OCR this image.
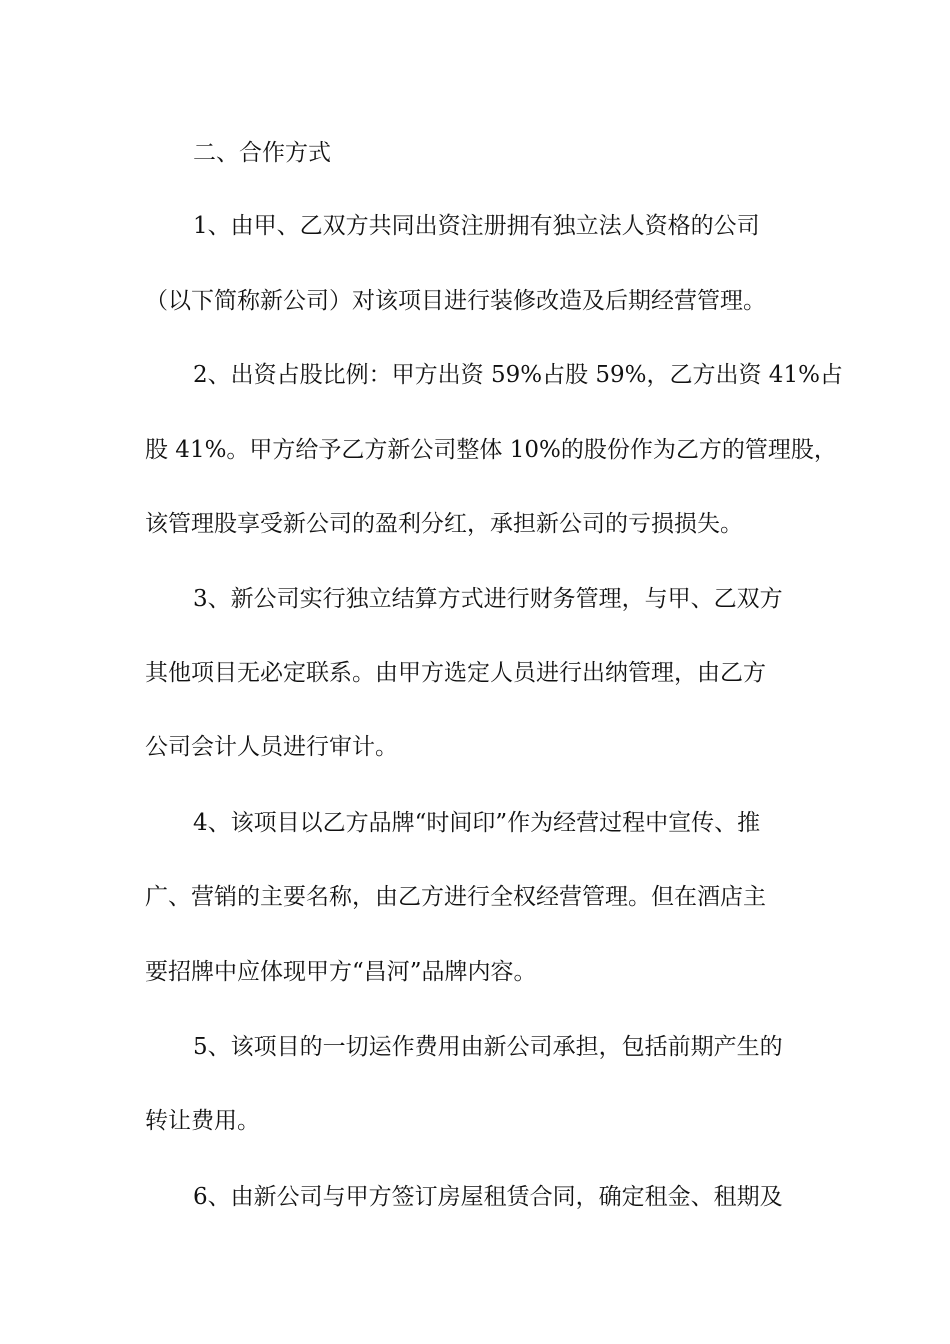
二、合作方式
1、由甲、乙双方共同出资注册拥有独立法人资格的公司
（以下简称新公司）对该项目进行装修改造及后期经营管理。
2、出资占股比例：甲方出资 59%占股 59%，乙方出资 41%占
股 41%。甲方给予乙方新公司整体 10%的股份作为乙方的管理股，
该管理股享受新公司的盈利分红，承担新公司的亏损损失。
3、新公司实行独立结算方式进行财务管理，与甲、乙双方
其他项目无必定联系。由甲方选定人员进行出纳管理，由乙方
公司会计人员进行审计。
4、该项目以乙方品牌“时间印”作为经营过程中宣传、推
广、营销的主要名称，由乙方进行全权经营管理。但在酒店主
要招牌中应体现甲方“昌河”品牌内容。
5、该项目的一切运作费用由新公司承担，包括前期产生的
转让费用。
6、由新公司与甲方签订房屋租赁合同，确定租金、租期及
